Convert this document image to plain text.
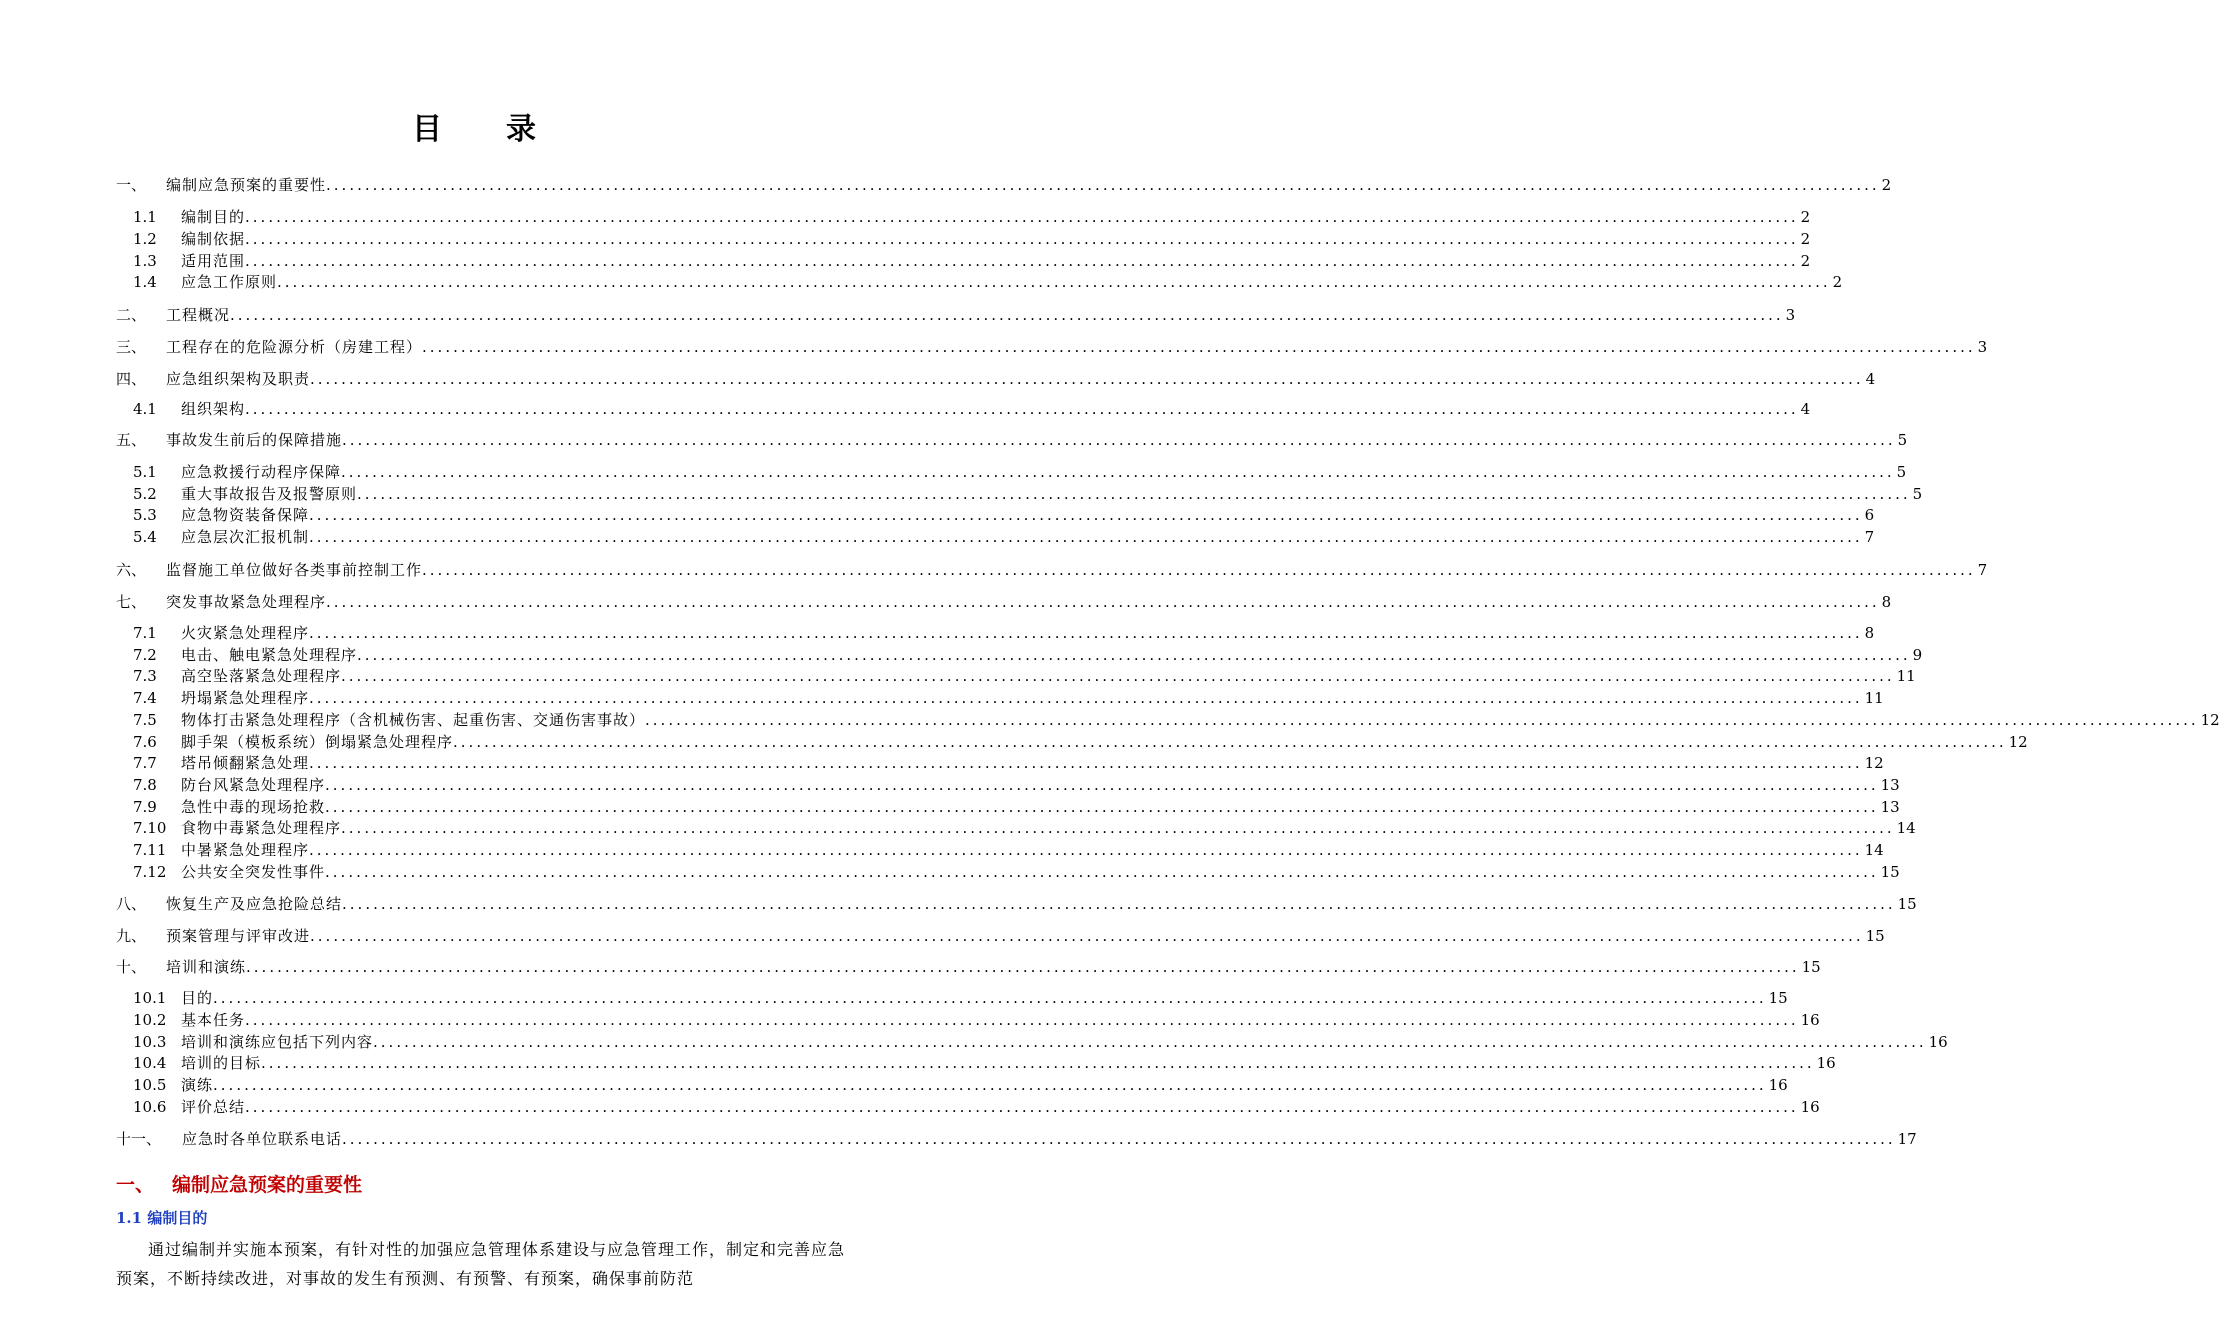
目 录
一、	编制应急预案的重要性 ........................................................................................................................................................................................................ 2
1.1	编制目的 ........................................................................................................................................................................................................ 2
1.2	编制依据 ........................................................................................................................................................................................................ 2
1.3	适用范围 ........................................................................................................................................................................................................ 2
1.4	应急工作原则 ........................................................................................................................................................................................................ 2
二、	工程概况 ........................................................................................................................................................................................................ 3
三、	工程存在的危险源分析（房建工程） ........................................................................................................................................................................................................ 3
四、	应急组织架构及职责 ........................................................................................................................................................................................................ 4
4.1	组织架构 ........................................................................................................................................................................................................ 4
五、	事故发生前后的保障措施 ........................................................................................................................................................................................................ 5
5.1	应急救援行动程序保障 ........................................................................................................................................................................................................ 5
5.2	重大事故报告及报警原则 ........................................................................................................................................................................................................ 5
5.3	应急物资装备保障 ........................................................................................................................................................................................................ 6
5.4	应急层次汇报机制 ........................................................................................................................................................................................................ 7
六、	监督施工单位做好各类事前控制工作 ........................................................................................................................................................................................................ 7
七、	突发事故紧急处理程序 ........................................................................................................................................................................................................ 8
7.1	火灾紧急处理程序 ........................................................................................................................................................................................................ 8
7.2	电击、触电紧急处理程序 ........................................................................................................................................................................................................ 9
7.3	高空坠落紧急处理程序 ........................................................................................................................................................................................................ 11
7.4	坍塌紧急处理程序 ........................................................................................................................................................................................................ 11
7.5	物体打击紧急处理程序（含机械伤害、起重伤害、交通伤害事故） ........................................................................................................................................................................................................ 12
7.6	脚手架（模板系统）倒塌紧急处理程序 ........................................................................................................................................................................................................ 12
7.7	塔吊倾翻紧急处理 ........................................................................................................................................................................................................ 12
7.8	防台风紧急处理程序 ........................................................................................................................................................................................................ 13
7.9	急性中毒的现场抢救 ........................................................................................................................................................................................................ 13
7.10 食物中毒紧急处理程序 ........................................................................................................................................................................................................ 14
7.11 中暑紧急处理程序 ........................................................................................................................................................................................................ 14
7.12 公共安全突发性事件 ........................................................................................................................................................................................................ 15
八、	恢复生产及应急抢险总结 ........................................................................................................................................................................................................ 15
九、	预案管理与评审改进 ........................................................................................................................................................................................................ 15
十、	培训和演练 ........................................................................................................................................................................................................ 15
10.1 目的 ........................................................................................................................................................................................................ 15
10.2 基本任务 ........................................................................................................................................................................................................ 16
10.3 培训和演练应包括下列内容 ........................................................................................................................................................................................................ 16
10.4 培训的目标 ........................................................................................................................................................................................................ 16
10.5 演练 ........................................................................................................................................................................................................ 16
10.6 评价总结 ........................................................................................................................................................................................................ 16
十一、	应急时各单位联系电话 ........................................................................................................................................................................................................ 17
一、 编制应急预案的重要性
1.1 编制目的
通过编制并实施本预案，有针对性的加强应急管理体系建设与应急管理工作，制定和完善应急预案，不断持续改进，对事故的发生有预测、有预警、有预案，确保事前防范
